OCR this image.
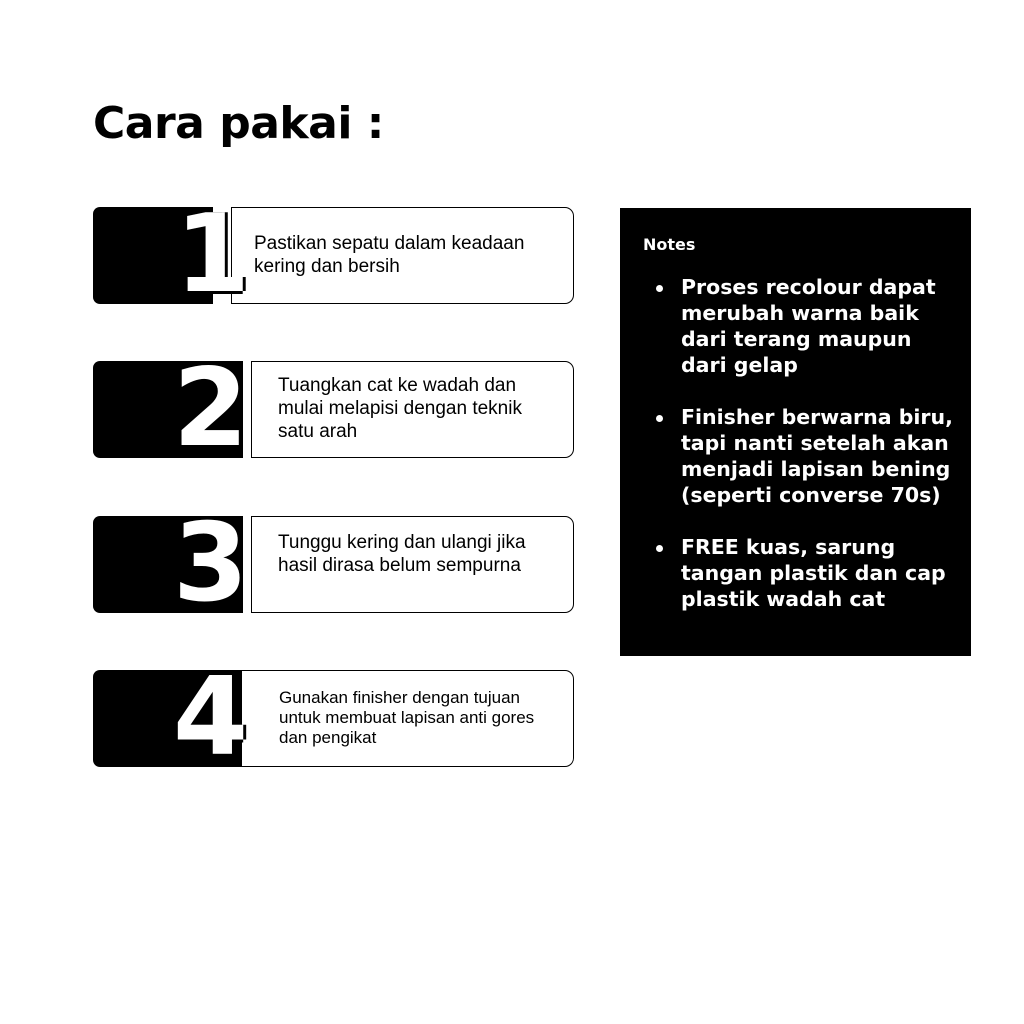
Cara pakai :

Pastikan sepatu dalam keadaan kering dan bersih

1

Tuangkan cat ke wadah dan mulai melapisi dengan teknik satu arah

2

Tunggu kering dan ulangi jika hasil dirasa belum sempurna

3

Gunakan finisher dengan tujuan untuk membuat lapisan anti gores dan pengikat

4

Notes

Proses recolour dapat merubah warna baik dari terang maupun dari gelap
Finisher berwarna biru, tapi nanti setelah akan menjadi lapisan bening (seperti converse 70s)
FREE kuas, sarung tangan plastik dan cap plastik wadah cat
